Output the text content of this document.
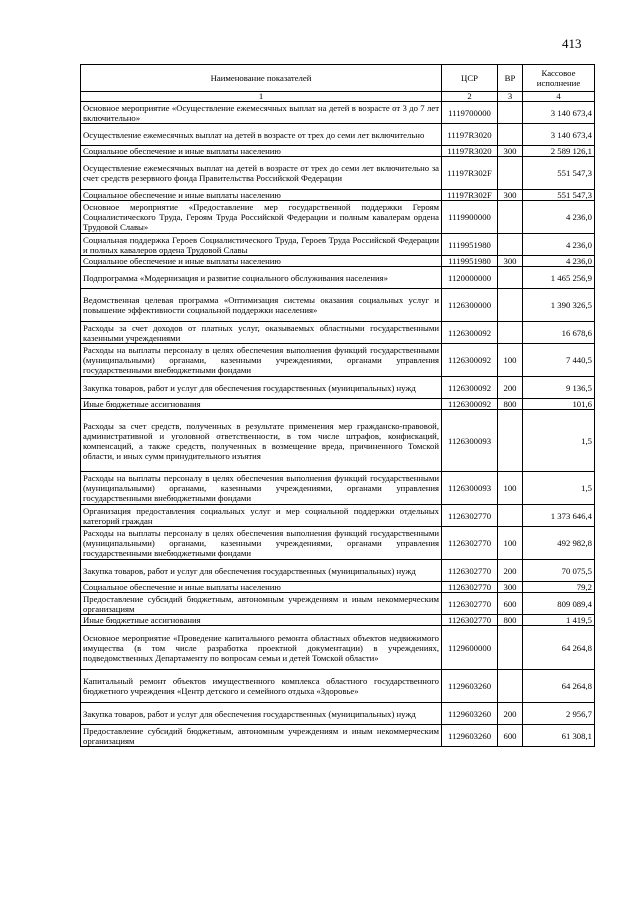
413
Наименование показателей	ЦСР	ВР	Кассовое исполнение
1	2	3	4
Основное мероприятие «Осуществление ежемесячных выплат на детей в возрасте от 3 до 7 лет включительно»	1119700000		3 140 673,4
Осуществление ежемесячных выплат на детей в возрасте от трех до семи лет включительно	11197R3020		3 140 673,4
Социальное обеспечение и иные выплаты населению	11197R3020	300	2 589 126,1
Осуществление ежемесячных выплат на детей в возрасте от трех до семи лет включительно за счет средств резервного фонда Правительства Российской Федерации	11197R302F		551 547,3
Социальное обеспечение и иные выплаты населению	11197R302F	300	551 547,3
Основное мероприятие «Предоставление мер государственной поддержки Героям Социалистического Труда, Героям Труда Российской Федерации и полным кавалерам ордена Трудовой Славы»	1119900000		4 236,0
Социальная поддержка Героев Социалистического Труда, Героев Труда Российской Федерации и полных кавалеров ордена Трудовой Славы	1119951980		4 236,0
Социальное обеспечение и иные выплаты населению	1119951980	300	4 236,0
Подпрограмма «Модернизация и развитие социального обслуживания населения»	1120000000		1 465 256,9
Ведомственная целевая программа «Оптимизация системы оказания социальных услуг и повышение эффективности социальной поддержки населения»	1126300000		1 390 326,5
Расходы за счет доходов от платных услуг, оказываемых областными государственными казенными учреждениями	1126300092		16 678,6
Расходы на выплаты персоналу в целях обеспечения выполнения функций государственными (муниципальными) органами, казенными учреждениями, органами управления государственными внебюджетными фондами	1126300092	100	7 440,5
Закупка товаров, работ и услуг для обеспечения государственных (муниципальных) нужд	1126300092	200	9 136,5
Иные бюджетные ассигнования	1126300092	800	101,6
Расходы за счет средств, полученных в результате применения мер гражданско-правовой, административной и уголовной ответственности, в том числе штрафов, конфискаций, компенсаций, а также средств, полученных в возмещение вреда, причиненного Томской области, и иных сумм принудительного изъятия	1126300093		1,5
Расходы на выплаты персоналу в целях обеспечения выполнения функций государственными (муниципальными) органами, казенными учреждениями, органами управления государственными внебюджетными фондами	1126300093	100	1,5
Организация предоставления социальных услуг и мер социальной поддержки отдельных категорий граждан	1126302770		1 373 646,4
Расходы на выплаты персоналу в целях обеспечения выполнения функций государственными (муниципальными) органами, казенными учреждениями, органами управления государственными внебюджетными фондами	1126302770	100	492 982,8
Закупка товаров, работ и услуг для обеспечения государственных (муниципальных) нужд	1126302770	200	70 075,5
Социальное обеспечение и иные выплаты населению	1126302770	300	79,2
Предоставление субсидий бюджетным, автономным учреждениям и иным некоммерческим организациям	1126302770	600	809 089,4
Иные бюджетные ассигнования	1126302770	800	1 419,5
Основное мероприятие «Проведение капитального ремонта областных объектов недвижимого имущества (в том числе разработка проектной документации) в учреждениях, подведомственных Департаменту по вопросам семьи и детей Томской области»	1129600000		64 264,8
Капитальный ремонт объектов имущественного комплекса областного государственного бюджетного учреждения «Центр детского и семейного отдыха «Здоровье»	1129603260		64 264,8
Закупка товаров, работ и услуг для обеспечения государственных (муниципальных) нужд	1129603260	200	2 956,7
Предоставление субсидий бюджетным, автономным учреждениям и иным некоммерческим организациям	1129603260	600	61 308,1
